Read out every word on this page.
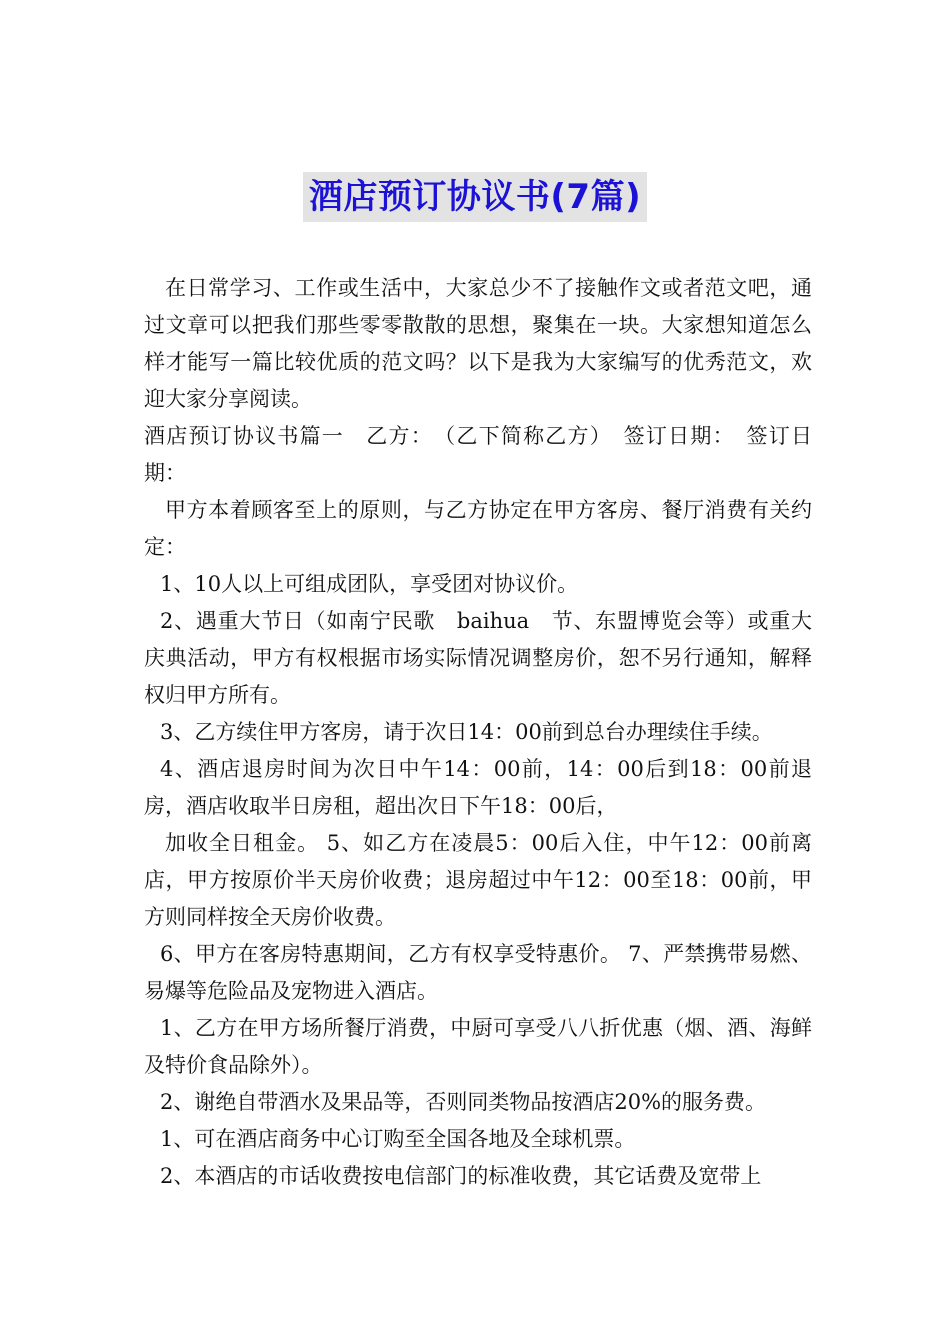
酒店预订协议书(7篇)

在日常学习、工作或生活中，大家总少不了接触作文或者范文吧，通过文章可以把我们那些零零散散的思想，聚集在一块。大家想知道怎么样才能写一篇比较优质的范文吗？以下是我为大家编写的优秀范文，欢迎大家分享阅读。

酒店预订协议书篇一　乙方：　（乙下简称乙方）　签订日期：　签订日期：

甲方本着顾客至上的原则，与乙方协定在甲方客房、餐厅消费有关约定：

1、10人以上可组成团队，享受团对协议价。

2、遇重大节日（如南宁民歌　baihua　节、东盟博览会等）或重大庆典活动，甲方有权根据市场实际情况调整房价，恕不另行通知，解释权归甲方所有。

3、乙方续住甲方客房，请于次日14：00前到总台办理续住手续。

4、酒店退房时间为次日中午14：00前，14：00后到18：00前退房，酒店收取半日房租，超出次日下午18：00后，

加收全日租金。 5、如乙方在凌晨5：00后入住，中午12：00前离店，甲方按原价半天房价收费；退房超过中午12：00至18：00前，甲方则同样按全天房价收费。

6、甲方在客房特惠期间，乙方有权享受特惠价。 7、严禁携带易燃、易爆等危险品及宠物进入酒店。

1、乙方在甲方场所餐厅消费，中厨可享受八八折优惠（烟、酒、海鲜及特价食品除外）。

2、谢绝自带酒水及果品等，否则同类物品按酒店20%的服务费。

1、可在酒店商务中心订购至全国各地及全球机票。

2、本酒店的市话收费按电信部门的标准收费，其它话费及宽带上
